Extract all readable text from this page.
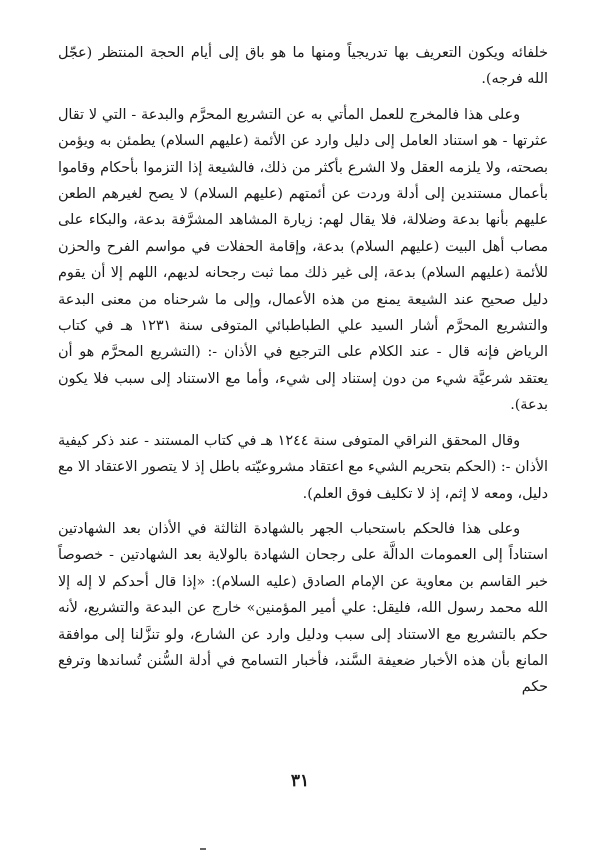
خلفائه ويكون التعريف بها تدريجياً ومنها ما هو باق إلى أيام الحجة المنتظر (عجّل الله فرجه).

وعلى هذا فالمخرج للعمل المأتي به عن التشريع المحرَّم والبدعة - التي لا تقال عثرتها - هو استناد العامل إلى دليل وارد عن الأئمة (عليهم السلام) يطمئن به ويؤمن بصحته، ولا يلزمه العقل ولا الشرع بأكثر من ذلك، فالشيعة إذا التزموا بأحكام وقاموا بأعمال مستندين إلى أدلة وردت عن أئمتهم (عليهم السلام) لا يصح لغيرهم الطعن عليهم بأنها بدعة وضلالة، فلا يقال لهم: زيارة المشاهد المشرَّفة بدعة، والبكاء على مصاب أهل البيت (عليهم السلام) بدعة، وإقامة الحفلات في مواسم الفرح والحزن للأئمة (عليهم السلام) بدعة، إلى غير ذلك مما ثبت رجحانه لديهم، اللهم إلا أن يقوم دليل صحيح عند الشيعة يمنع من هذه الأعمال، وإلى ما شرحناه من معنى البدعة والتشريع المحرَّم أشار السيد علي الطباطبائي المتوفى سنة ١٢٣١ هـ في كتاب الرياض فإنه قال - عند الكلام على الترجيع في الأذان -: (التشريع المحرَّم هو أن يعتقد شرعيَّة شيء من دون إستناد إلى شيء، وأما مع الاستناد إلى سبب فلا يكون بدعة).

وقال المحقق النراقي المتوفى سنة ١٢٤٤ هـ في كتاب المستند - عند ذكر كيفية الأذان -: (الحكم بتحريم الشيء مع اعتقاد مشروعيّته باطل إذ لا يتصور الاعتقاد الا مع دليل، ومعه لا إثم، إذ لا تكليف فوق العلم).

وعلى هذا فالحكم باستحباب الجهر بالشهادة الثالثة في الأذان بعد الشهادتين استناداً إلى العمومات الدالَّة على رجحان الشهادة بالولاية بعد الشهادتين - خصوصاً خبر القاسم بن معاوية عن الإمام الصادق (عليه السلام): «إذا قال أحدكم لا إله إلا الله محمد رسول الله، فليقل: علي أمير المؤمنين» خارج عن البدعة والتشريع، لأنه حكم بالتشريع مع الاستناد إلى سبب ودليل وارد عن الشارع، ولو تنزَّلنا إلى موافقة المانع بأن هذه الأخبار ضعيفة السَّند، فأخبار التسامح في أدلة السُّنن تُساندها وترفع حكم

٣١
